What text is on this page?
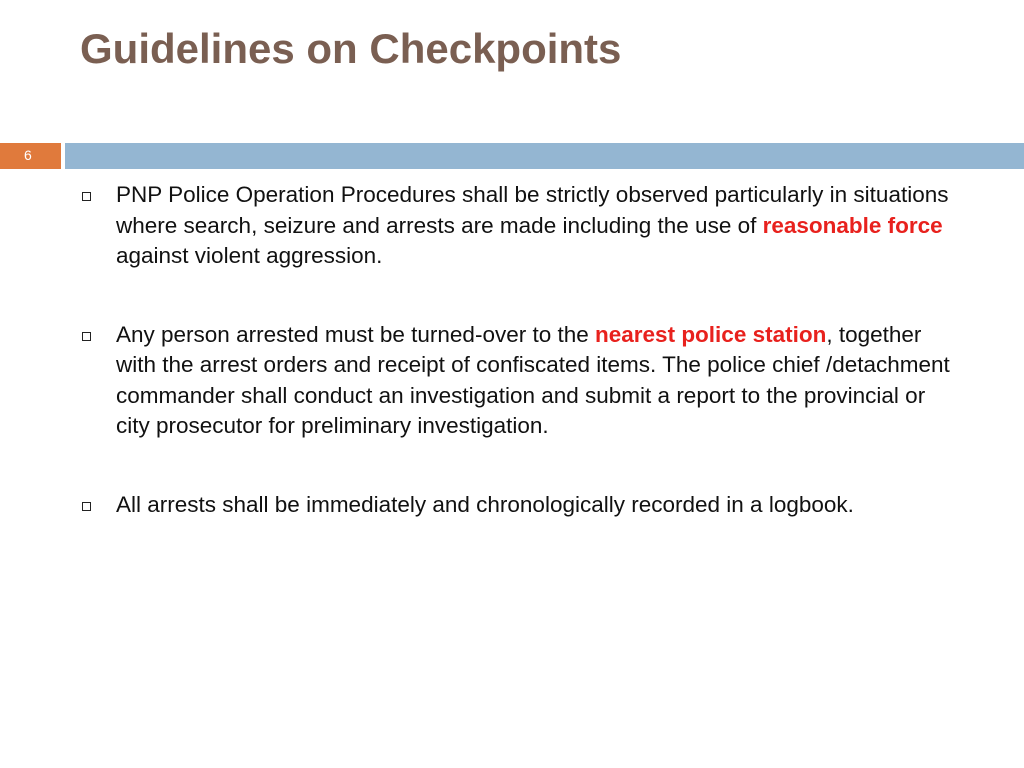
Guidelines on Checkpoints
6
PNP Police Operation Procedures shall be strictly observed particularly in situations where search, seizure and arrests are made including the use of reasonable force against violent aggression.
Any person arrested must be turned-over to the nearest police station, together with the arrest orders and receipt of confiscated items. The police chief /detachment commander shall conduct an investigation and submit a report to the provincial or city prosecutor for preliminary investigation.
All arrests shall be immediately and chronologically recorded in a logbook.
